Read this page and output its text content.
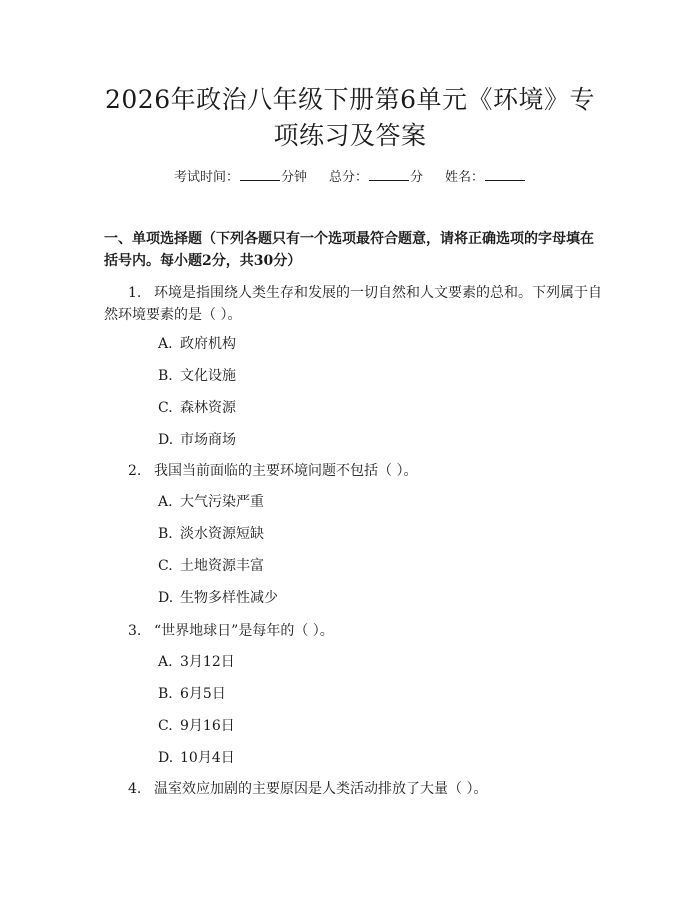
2026年政治八年级下册第6单元《环境》专
项练习及答案
考试时间：	分钟 总分：	分 姓名：
一、单项选择题（下列各题只有一个选项最符合题意，请将正确选项的字母填在括号内。每小题2分，共30分）
1. 环境是指围绕人类生存和发展的一切自然和人文要素的总和。下列属于自然环境要素的是（ ）。
A. 政府机构
B. 文化设施
C. 森林资源
D. 市场商场
2. 我国当前面临的主要环境问题不包括（ ）。
A. 大气污染严重
B. 淡水资源短缺
C. 土地资源丰富
D. 生物多样性减少
3. “世界地球日”是每年的（ ）。
A. 3月12日
B. 6月5日
C. 9月16日
D. 10月4日
4. 温室效应加剧的主要原因是人类活动排放了大量（ ）。
